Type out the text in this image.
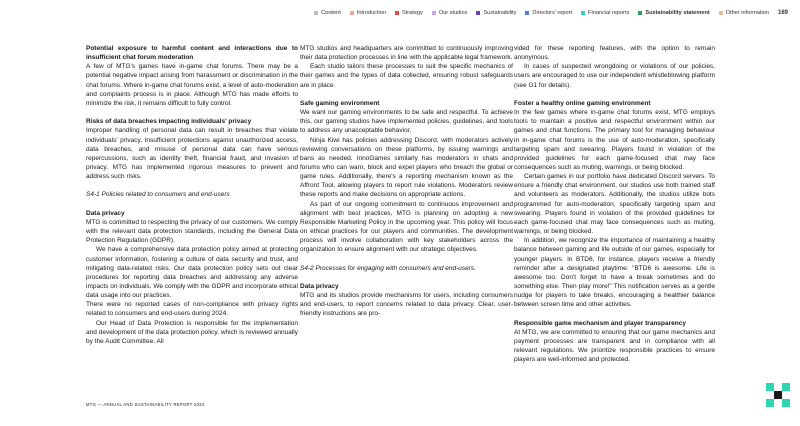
Content	Introduction	Strategy	Our studios	Sustainability	Directors' report	Financial reports	Sustainability statement	Other information 169

Potential exposure to harmful content and interactions due to insufficient chat forum moderation

A few of MTG's games have in-game chat forums. There may be a potential negative impact arising from harassment or discrimination in the chat forums. Where in-game chat forums exist, a level of auto-moderation and complaints process is in place. Although MTG has made efforts to minimize the risk, it remains difficult to fully control.

Risks of data breaches impacting individuals' privacy

Improper handling of personal data can result in breaches that violate individuals' privacy. Insufficient protections against unauthorized access, data breaches, and misuse of personal data can have serious repercussions, such as identity theft, financial fraud, and invasion of privacy. MTG has implemented rigorous measures to prevent and address such risks.

S4-1 Policies related to consumers and end-users

Data privacy

MTG is committed to respecting the privacy of our customers. We comply with the relevant data protection standards, including the General Data Protection Regulation (GDPR).

We have a comprehensive data protection policy aimed at protecting customer information, fostering a culture of data security and trust, and mitigating data-related risks. Our data protection policy sets out clear procedures for reporting data breaches and addressing any adverse impacts on individuals. We comply with the GDPR and incorporate ethical data usage into our practices.

There were no reported cases of non-compliance with privacy rights related to consumers and end-users during 2024.

Our Head of Data Protection is responsible for the implementation and development of the data protection policy, which is reviewed annually by the Audit Committee. All

MTG studios and headquarters are committed to continuously improving their data protection processes in line with the applicable legal framework.

Each studio tailors these processes to suit the specific mechanics of their games and the types of data collected, ensuring robust safeguards are in place.

Safe gaming environment

We want our gaming environments to be safe and respectful. To achieve this, our gaming studios have implemented policies, guidelines, and tools to address any unacceptable behavior.

Ninja Kiwi has policies addressing Discord, with moderators actively reviewing conversations on these platforms, by issuing warnings and bans as needed. InnoGames similarly has moderators in chats and forums who can warn, block and expel players who breach the global or game rules. Additionally, there's a reporting mechanism known as the Affront Tool, allowing players to report rule violations. Moderators review these reports and make decisions on appropriate actions.

As part of our ongoing commitment to continuous improvement and alignment with best practices, MTG is planning on adopting a new Responsible Marketing Policy in the upcoming year. This policy will focus on ethical practices for our players and communities. The development process will involve collaboration with key stakeholders across the organization to ensure alignment with our strategic objectives.

S4-2 Processes for engaging with consumers and end-users.

Data privacy

MTG and its studios provide mechanisms for users, including consumers and end-users, to report concerns related to data privacy. Clear, user-friendly instructions are pro-

vided for these reporting features, with the option to remain anonymous.

In cases of suspected wrongdoing or violations of our policies, users are encouraged to use our independent whistleblowing platform (see G1 for details).

Foster a healthy online gaming environment

In the few games where in-game chat forums exist, MTG employs tools to maintain a positive and respectful environment within our games and chat functions. The primary tool for managing behaviour in in-game chat forums is the use of auto-moderation, specifically targeting spam and swearing. Players found in violation of the provided guidelines for each game-focused chat may face consequences such as muting, warnings, or being blocked.

Certain games in our portfolio have dedicated Discord servers. To ensure a friendly chat environment, our studios use both trained staff and volunteers as moderators. Additionally, the studios utilize bots programmed for auto-moderation, specifically targeting spam and swearing. Players found in violation of the provided guidelines for each game-focused chat may face consequences such as muting, warnings, or being blocked.

In addition, we recognize the importance of maintaining a healthy balance between gaming and life outside of our games, especially for younger players. In BTD6, for instance, players receive a friendly reminder after a designated playtime: "BTD6 is awesome. Life is awesome too. Don't forget to have a break sometimes and do something else. Then play more!" This notification serves as a gentle nudge for players to take breaks, encouraging a healthier balance between screen time and other activities.

Responsible game mechanism and player transparency

At MTG, we are committed to ensuring that our game mechanics and payment processes are transparent and in compliance with all relevant regulations. We prioritize responsible practices to ensure players are well-informed and protected.

MTG — ANNUAL AND SUSTAINABILITY REPORT 2024
